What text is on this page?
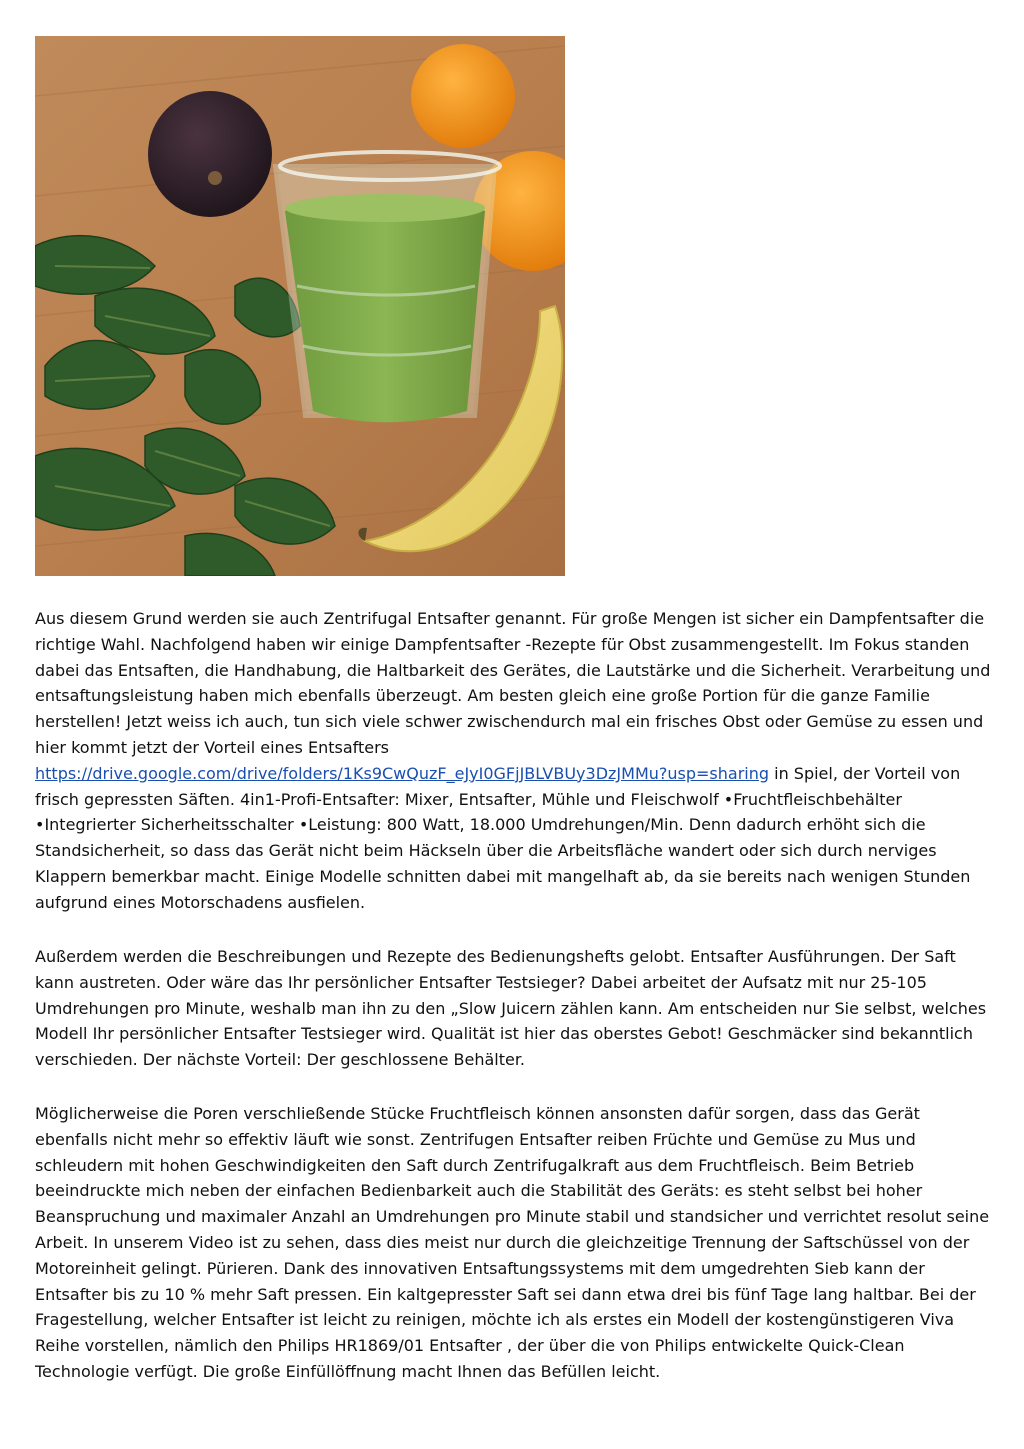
Aus diesem Grund werden sie auch Zentrifugal Entsafter genannt. Für große Mengen ist sicher ein Dampfentsafter die richtige Wahl. Nachfolgend haben wir einige Dampfentsafter -Rezepte für Obst zusammengestellt. Im Fokus standen dabei das Entsaften, die Handhabung, die Haltbarkeit des Gerätes, die Lautstärke und die Sicherheit. Verarbeitung und entsaftungsleistung haben mich ebenfalls überzeugt. Am besten gleich eine große Portion für die ganze Familie herstellen! Jetzt weiss ich auch, tun sich viele schwer zwischendurch mal ein frisches Obst oder Gemüse zu essen und hier kommt jetzt der Vorteil eines Entsafters https://drive.google.com/drive/folders/1Ks9CwQuzF_eJyI0GFjJBLVBUy3DzJMMu?usp=sharing in Spiel, der Vorteil von frisch gepressten Säften. 4in1-Profi-Entsafter: Mixer, Entsafter, Mühle und Fleischwolf •Fruchtfleischbehälter •Integrierter Sicherheitsschalter •Leistung: 800 Watt, 18.000 Umdrehungen/Min. Denn dadurch erhöht sich die Standsicherheit, so dass das Gerät nicht beim Häckseln über die Arbeitsfläche wandert oder sich durch nerviges Klappern bemerkbar macht. Einige Modelle schnitten dabei mit mangelhaft ab, da sie bereits nach wenigen Stunden aufgrund eines Motorschadens ausfielen.

Außerdem werden die Beschreibungen und Rezepte des Bedienungshefts gelobt. Entsafter Ausführungen. Der Saft kann austreten. Oder wäre das Ihr persönlicher Entsafter Testsieger? Dabei arbeitet der Aufsatz mit nur 25-105 Umdrehungen pro Minute, weshalb man ihn zu den „Slow Juicern zählen kann. Am entscheiden nur Sie selbst, welches Modell Ihr persönlicher Entsafter Testsieger wird. Qualität ist hier das oberstes Gebot! Geschmäcker sind bekanntlich verschieden. Der nächste Vorteil: Der geschlossene Behälter.

Möglicherweise die Poren verschließende Stücke Fruchtfleisch können ansonsten dafür sorgen, dass das Gerät ebenfalls nicht mehr so effektiv läuft wie sonst. Zentrifugen Entsafter reiben Früchte und Gemüse zu Mus und schleudern mit hohen Geschwindigkeiten den Saft durch Zentrifugalkraft aus dem Fruchtfleisch. Beim Betrieb beeindruckte mich neben der einfachen Bedienbarkeit auch die Stabilität des Geräts: es steht selbst bei hoher Beanspruchung und maximaler Anzahl an Umdrehungen pro Minute stabil und standsicher und verrichtet resolut seine Arbeit. In unserem Video ist zu sehen, dass dies meist nur durch die gleichzeitige Trennung der Saftschüssel von der Motoreinheit gelingt. Pürieren. Dank des innovativen Entsaftungssystems mit dem umgedrehten Sieb kann der Entsafter bis zu 10 % mehr Saft pressen. Ein kaltgepresster Saft sei dann etwa drei bis fünf Tage lang haltbar. Bei der Fragestellung, welcher Entsafter ist leicht zu reinigen, möchte ich als erstes ein Modell der kostengünstigeren Viva Reihe vorstellen, nämlich den Philips HR1869/01 Entsafter , der über die von Philips entwickelte Quick-Clean Technologie verfügt. Die große Einfüllöffnung macht Ihnen das Befüllen leicht.
